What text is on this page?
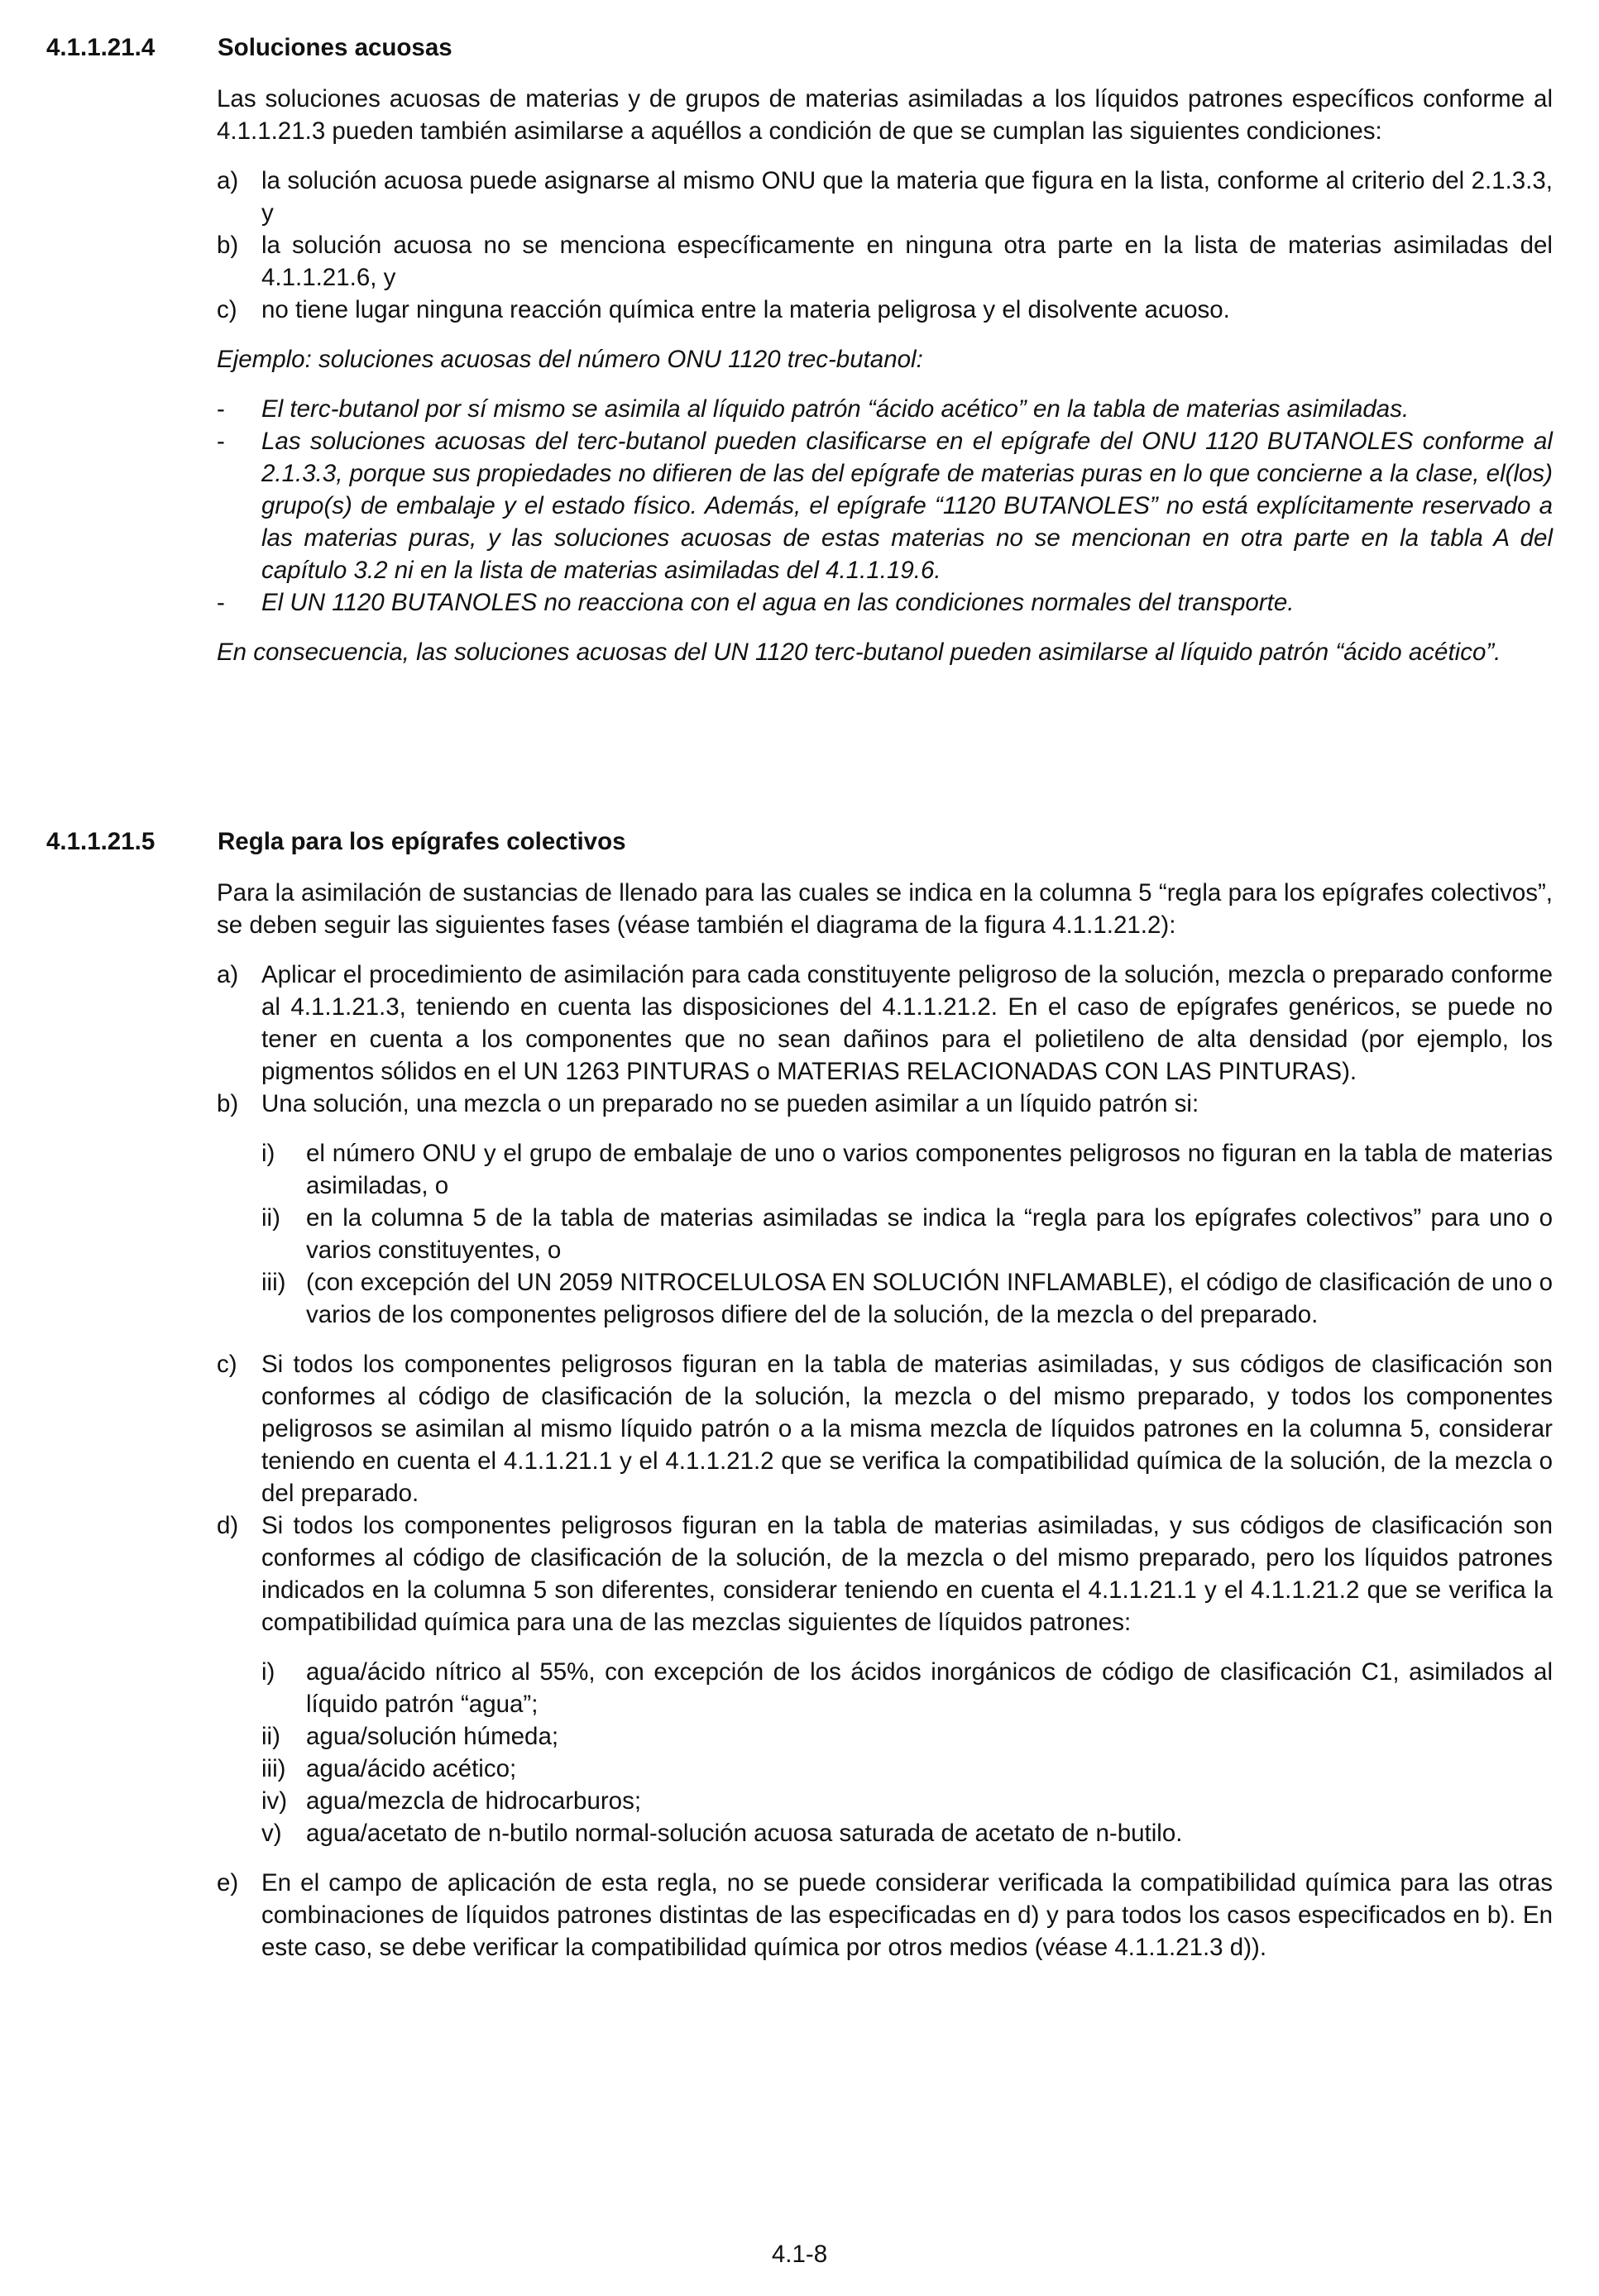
4.1.1.21.4	Soluciones acuosas

Las soluciones acuosas de materias y de grupos de materias asimiladas a los líquidos patrones específicos conforme al 4.1.1.21.3 pueden también asimilarse a aquéllos a condición de que se cumplan las siguientes condiciones:

a) la solución acuosa puede asignarse al mismo ONU que la materia que figura en la lista, conforme al criterio del 2.1.3.3, y
b) la solución acuosa no se menciona específicamente en ninguna otra parte en la lista de materias asimiladas del 4.1.1.21.6, y
c) no tiene lugar ninguna reacción química entre la materia peligrosa y el disolvente acuoso.

Ejemplo: soluciones acuosas del número ONU 1120 trec-butanol:

- El terc-butanol por sí mismo se asimila al líquido patrón “ácido acético” en la tabla de materias asimiladas.
- Las soluciones acuosas del terc-butanol pueden clasificarse en el epígrafe del ONU 1120 BUTANOLES conforme al 2.1.3.3, porque sus propiedades no difieren de las del epígrafe de materias puras en lo que concierne a la clase, el(los) grupo(s) de embalaje y el estado físico. Además, el epígrafe “1120 BUTANOLES” no está explícitamente reservado a las materias puras, y las soluciones acuosas de estas materias no se mencionan en otra parte en la tabla A del capítulo 3.2 ni en la lista de materias asimiladas del 4.1.1.19.6.
- El UN 1120 BUTANOLES no reacciona con el agua en las condiciones normales del transporte.

En consecuencia, las soluciones acuosas del UN 1120 terc-butanol pueden asimilarse al líquido patrón “ácido acético”.

4.1.1.21.5	Regla para los epígrafes colectivos

Para la asimilación de sustancias de llenado para las cuales se indica en la columna 5 “regla para los epígrafes colectivos”, se deben seguir las siguientes fases (véase también el diagrama de la figura 4.1.1.21.2):

a) Aplicar el procedimiento de asimilación para cada constituyente peligroso de la solución, mezcla o preparado conforme al 4.1.1.21.3, teniendo en cuenta las disposiciones del 4.1.1.21.2. En el caso de epígrafes genéricos, se puede no tener en cuenta a los componentes que no sean dañinos para el polietileno de alta densidad (por ejemplo, los pigmentos sólidos en el UN 1263 PINTURAS o MATERIAS RELACIONADAS CON LAS PINTURAS).
b) Una solución, una mezcla o un preparado no se pueden asimilar a un líquido patrón si:
i) el número ONU y el grupo de embalaje de uno o varios componentes peligrosos no figuran en la tabla de materias asimiladas, o
ii) en la columna 5 de la tabla de materias asimiladas se indica la “regla para los epígrafes colectivos” para uno o varios constituyentes, o
iii) (con excepción del UN 2059 NITROCELULOSA EN SOLUCIÓN INFLAMABLE), el código de clasificación de uno o varios de los componentes peligrosos difiere del de la solución, de la mezcla o del preparado.
c) Si todos los componentes peligrosos figuran en la tabla de materias asimiladas, y sus códigos de clasificación son conformes al código de clasificación de la solución, la mezcla o del mismo preparado, y todos los componentes peligrosos se asimilan al mismo líquido patrón o a la misma mezcla de líquidos patrones en la columna 5, considerar teniendo en cuenta el 4.1.1.21.1 y el 4.1.1.21.2 que se verifica la compatibilidad química de la solución, de la mezcla o del preparado.
d) Si todos los componentes peligrosos figuran en la tabla de materias asimiladas, y sus códigos de clasificación son conformes al código de clasificación de la solución, de la mezcla o del mismo preparado, pero los líquidos patrones indicados en la columna 5 son diferentes, considerar teniendo en cuenta el 4.1.1.21.1 y el 4.1.1.21.2 que se verifica la compatibilidad química para una de las mezclas siguientes de líquidos patrones:
i) agua/ácido nítrico al 55%, con excepción de los ácidos inorgánicos de código de clasificación C1, asimilados al líquido patrón “agua”;
ii) agua/solución húmeda;
iii) agua/ácido acético;
iv) agua/mezcla de hidrocarburos;
v) agua/acetato de n-butilo normal-solución acuosa saturada de acetato de n-butilo.
e) En el campo de aplicación de esta regla, no se puede considerar verificada la compatibilidad química para las otras combinaciones de líquidos patrones distintas de las especificadas en d) y para todos los casos especificados en b). En este caso, se debe verificar la compatibilidad química por otros medios (véase 4.1.1.21.3 d)).
4.1-8
